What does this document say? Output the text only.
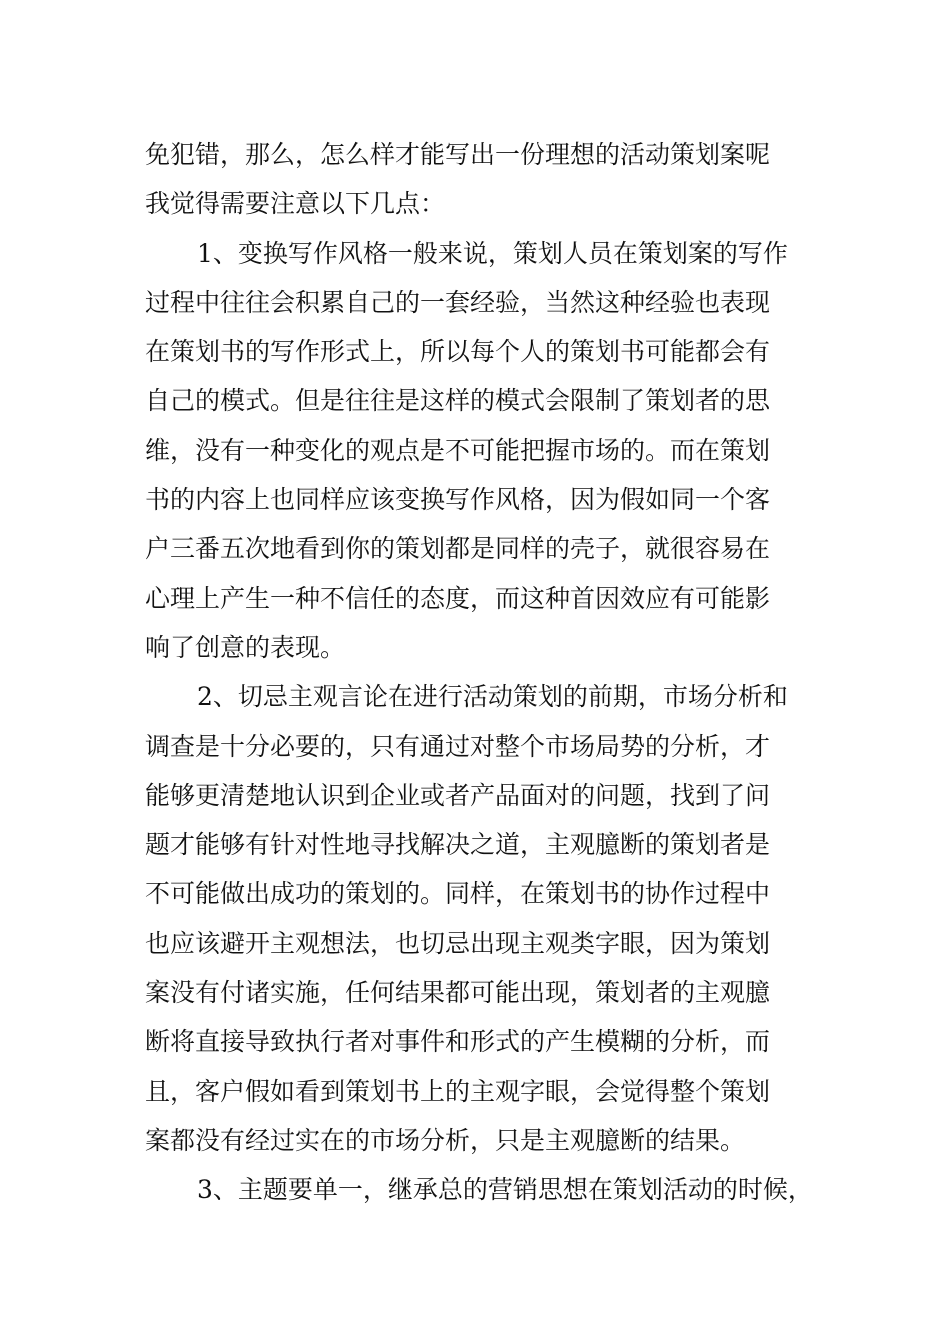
免犯错，那么，怎么样才能写出一份理想的活动策划案呢
我觉得需要注意以下几点：
1、变换写作风格一般来说，策划人员在策划案的写作
过程中往往会积累自己的一套经验，当然这种经验也表现
在策划书的写作形式上，所以每个人的策划书可能都会有
自己的模式。但是往往是这样的模式会限制了策划者的思
维，没有一种变化的观点是不可能把握市场的。而在策划
书的内容上也同样应该变换写作风格，因为假如同一个客
户三番五次地看到你的策划都是同样的壳子，就很容易在
心理上产生一种不信任的态度，而这种首因效应有可能影
响了创意的表现。
2、切忌主观言论在进行活动策划的前期，市场分析和
调查是十分必要的，只有通过对整个市场局势的分析，才
能够更清楚地认识到企业或者产品面对的问题，找到了问
题才能够有针对性地寻找解决之道，主观臆断的策划者是
不可能做出成功的策划的。同样，在策划书的协作过程中
也应该避开主观想法，也切忌出现主观类字眼，因为策划
案没有付诸实施，任何结果都可能出现，策划者的主观臆
断将直接导致执行者对事件和形式的产生模糊的分析，而
且，客户假如看到策划书上的主观字眼，会觉得整个策划
案都没有经过实在的市场分析，只是主观臆断的结果。
3、主题要单一，继承总的营销思想在策划活动的时候，
